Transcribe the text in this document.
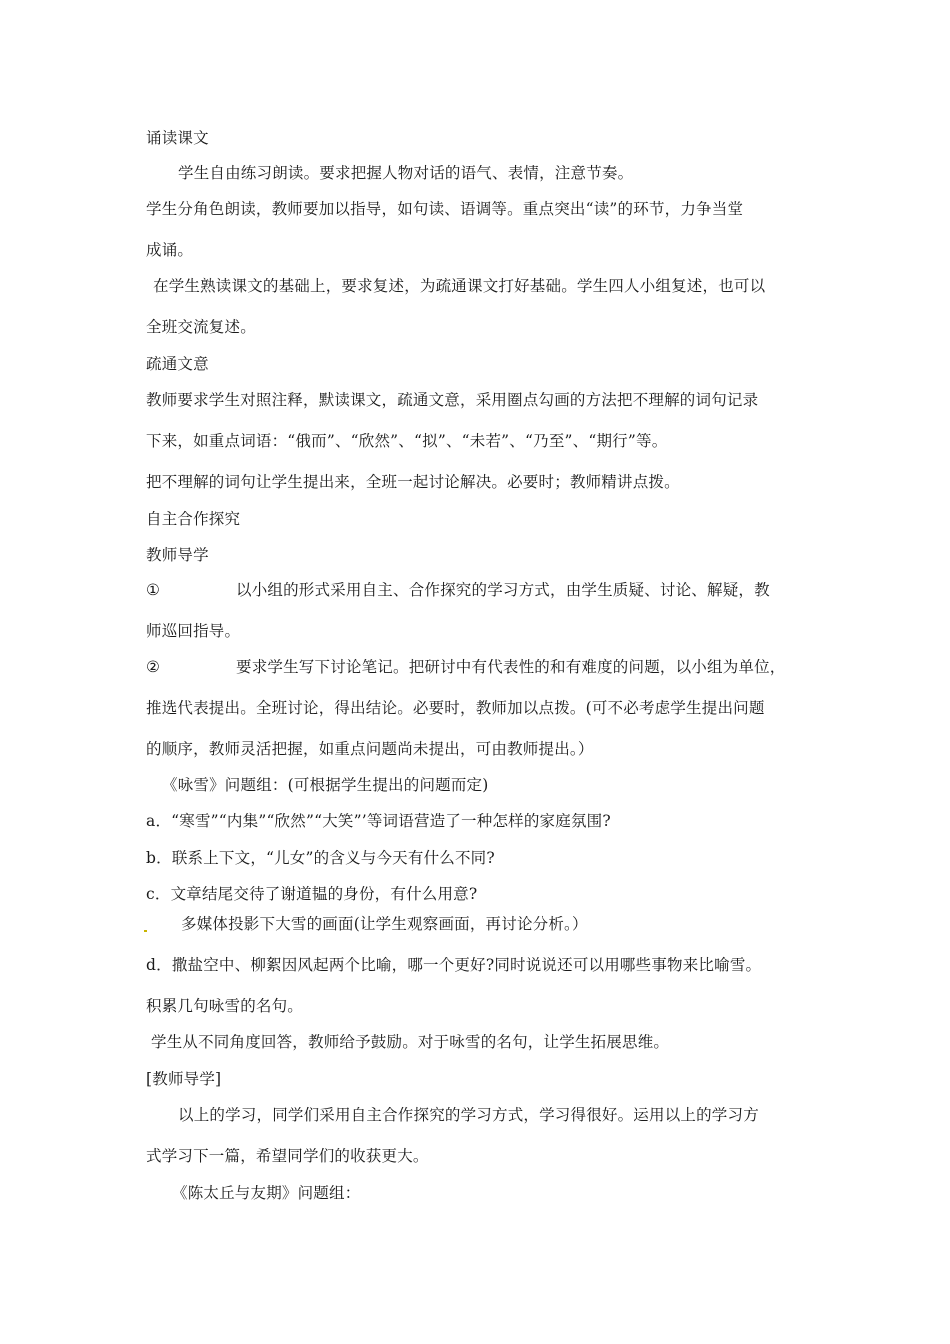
诵读课文
学生自由练习朗读。要求把握人物对话的语气、表情，注意节奏。
学生分角色朗读，教师要加以指导，如句读、语调等。重点突出“读”的环节，力争当堂
成诵。
在学生熟读课文的基础上，要求复述，为疏通课文打好基础。学生四人小组复述，也可以
全班交流复述。
疏通文意
教师要求学生对照注释，默读课文，疏通文意，采用圈点勾画的方法把不理解的词句记录
下来，如重点词语：“俄而”、“欣然”、“拟”、“未若”、“乃至”、“期行”等。
把不理解的词句让学生提出来，全班一起讨论解决。必要时；教师精讲点拨。
自主合作探究
教师导学
①	以小组的形式采用自主、合作探究的学习方式，由学生质疑、讨论、解疑，教
师巡回指导。
②	要求学生写下讨论笔记。把研讨中有代表性的和有难度的问题，以小组为单位，
推选代表提出。全班讨论，得出结论。必要时，教师加以点拨。(可不必考虑学生提出问题
的顺序，教师灵活把握，如重点问题尚未提出，可由教师提出。）
《咏雪》问题组：(可根据学生提出的问题而定)
a．“寒雪”“内集”“欣然”“大笑”’等词语营造了一种怎样的家庭氛围?
b．联系上下文，“儿女”的含义与今天有什么不同?
c．文章结尾交待了谢道韫的身份，有什么用意?
多媒体投影下大雪的画面(让学生观察画面，再讨论分析。）
d．撒盐空中、柳絮因风起两个比喻，哪一个更好?同时说说还可以用哪些事物来比喻雪。
积累几句咏雪的名句。
学生从不同角度回答，教师给予鼓励。对于咏雪的名句，让学生拓展思维。
[教师导学]
以上的学习，同学们采用自主合作探究的学习方式，学习得很好。运用以上的学习方
式学习下一篇，希望同学们的收获更大。
《陈太丘与友期》问题组：
